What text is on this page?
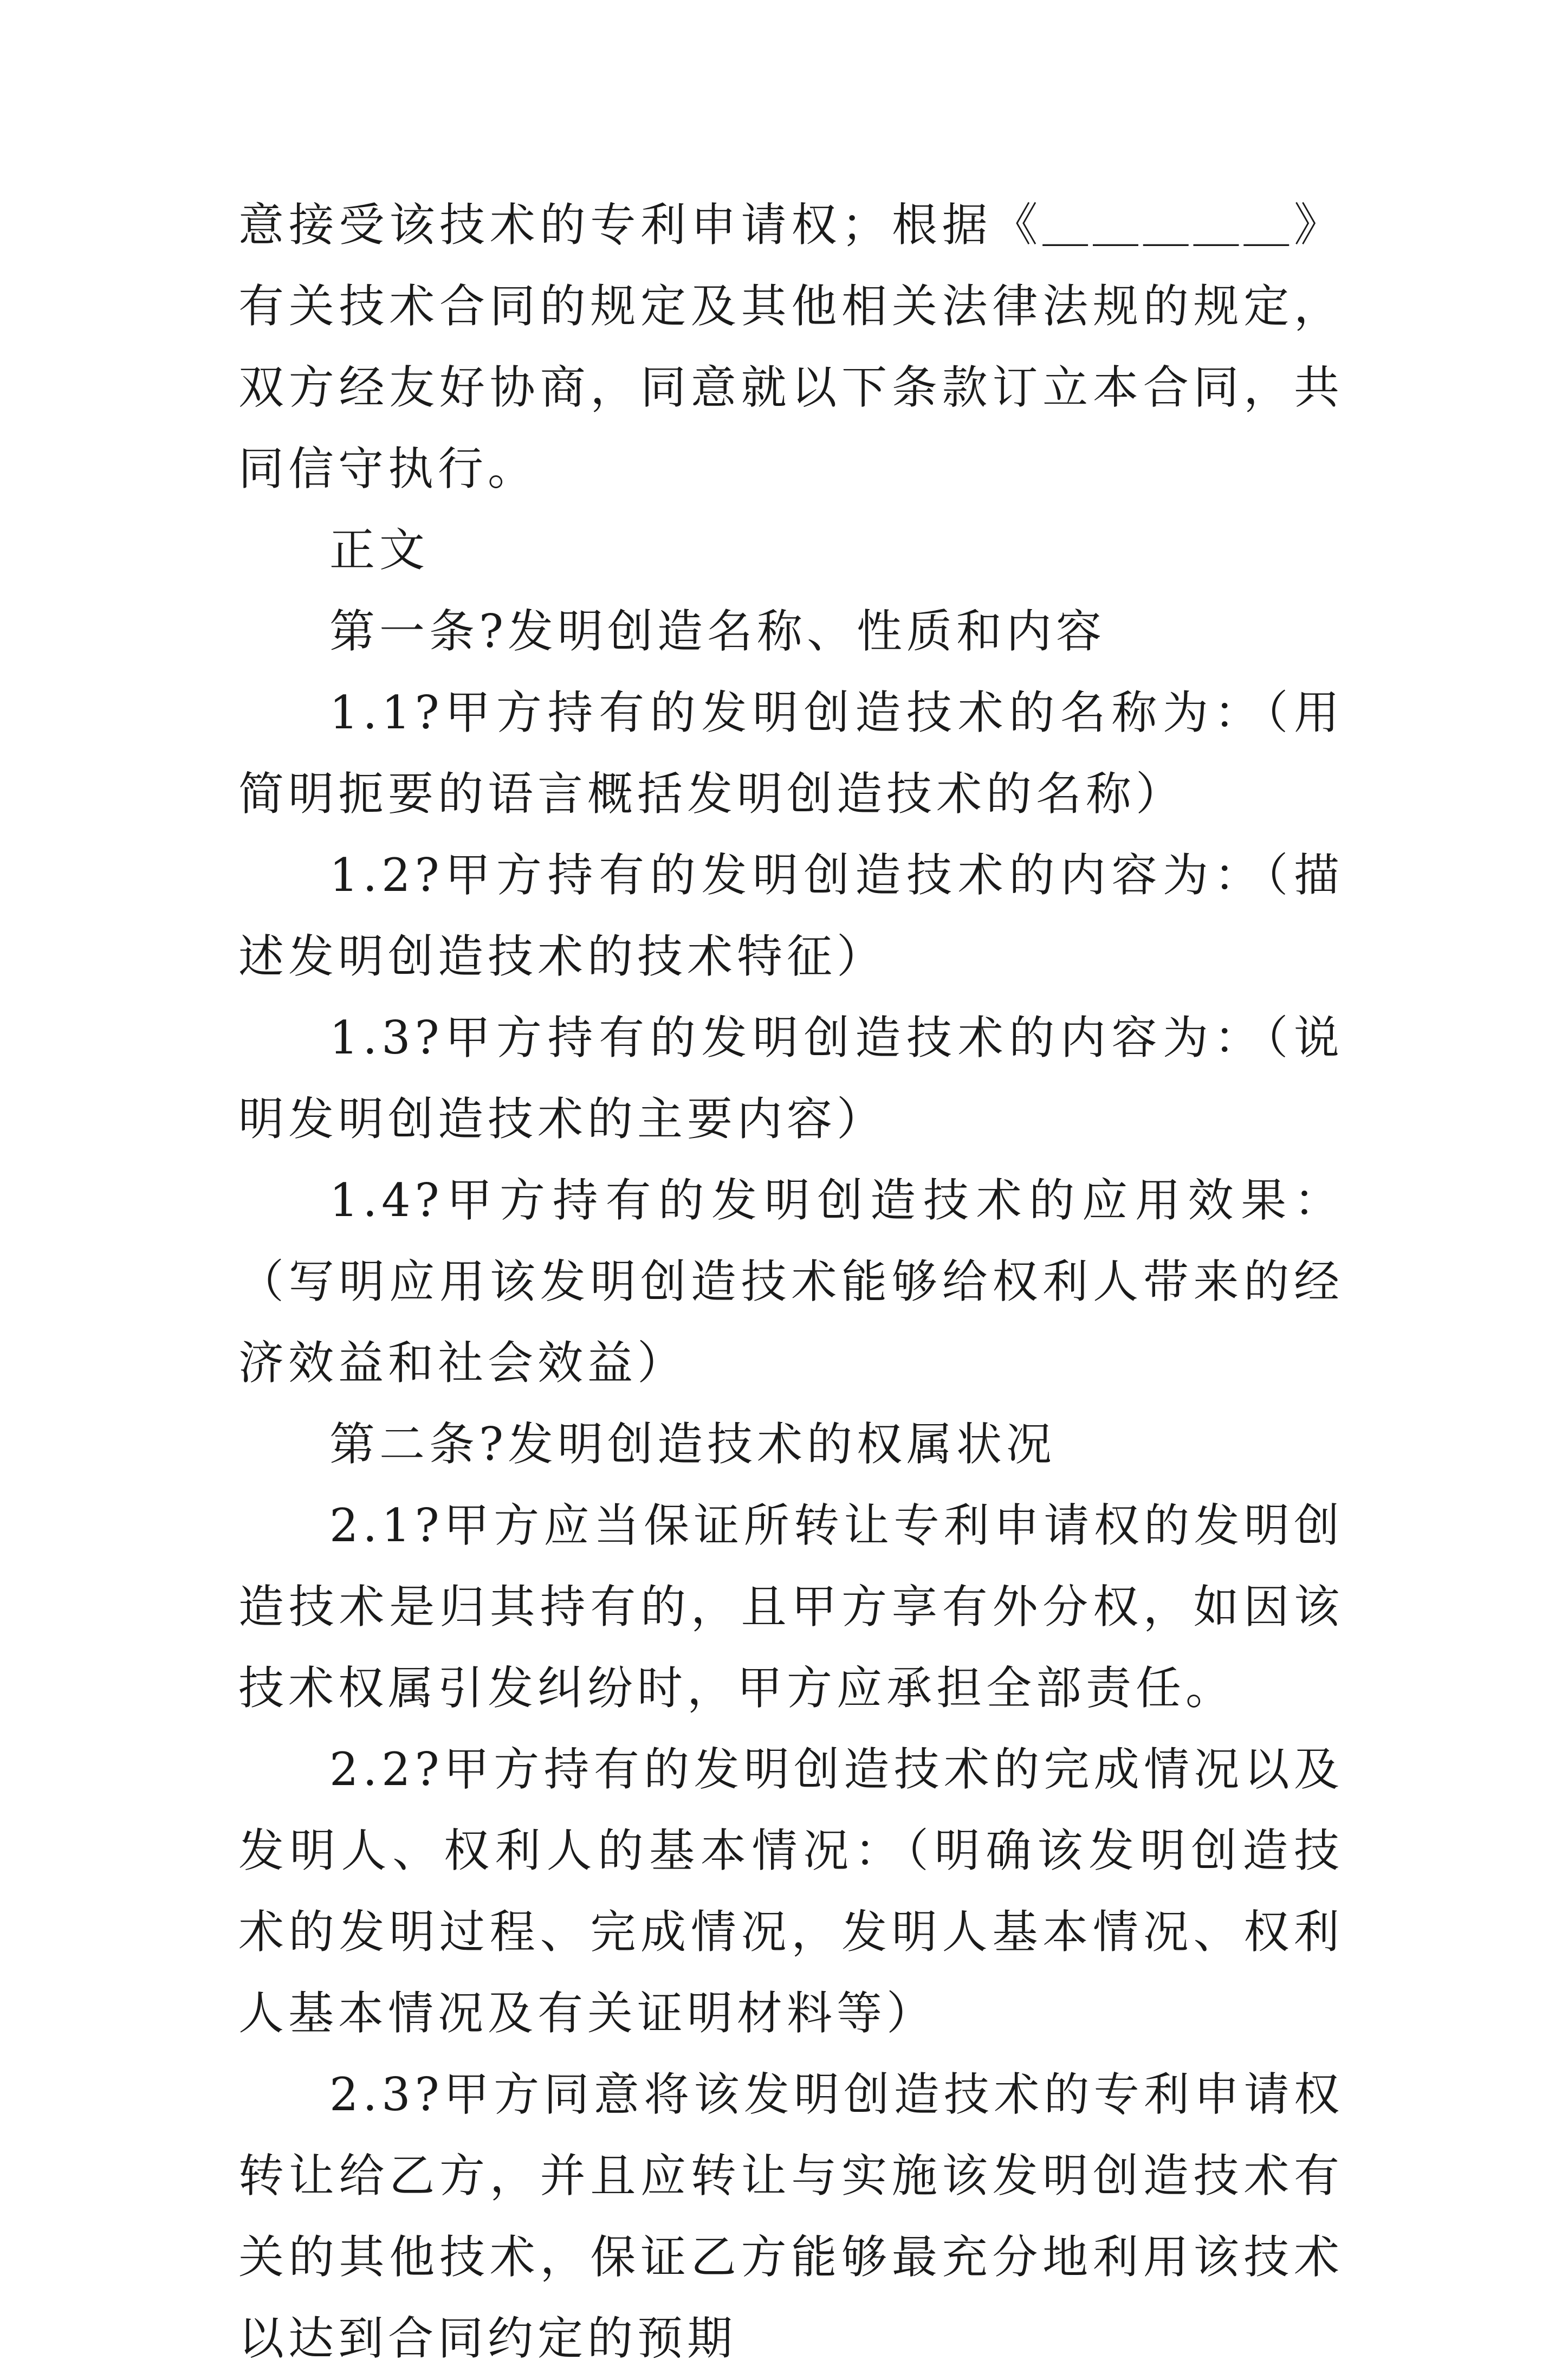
意接受该技术的专利申请权；根据《＿＿＿＿＿》有关技术合同的规定及其他相关法律法规的规定，双方经友好协商，同意就以下条款订立本合同，共同信守执行。

正文

第一条?发明创造名称、性质和内容

1.1?甲方持有的发明创造技术的名称为：（用简明扼要的语言概括发明创造技术的名称）

1.2?甲方持有的发明创造技术的内容为：（描述发明创造技术的技术特征）

1.3?甲方持有的发明创造技术的内容为：（说明发明创造技术的主要内容）

1.4?甲方持有的发明创造技术的应用效果：（写明应用该发明创造技术能够给权利人带来的经济效益和社会效益）

第二条?发明创造技术的权属状况

2.1?甲方应当保证所转让专利申请权的发明创造技术是归其持有的，且甲方享有外分权，如因该技术权属引发纠纷时，甲方应承担全部责任。

2.2?甲方持有的发明创造技术的完成情况以及发明人、权利人的基本情况：（明确该发明创造技术的发明过程、完成情况，发明人基本情况、权利人基本情况及有关证明材料等）

2.3?甲方同意将该发明创造技术的专利申请权转让给乙方，并且应转让与实施该发明创造技术有关的其他技术，保证乙方能够最充分地利用该技术以达到合同约定的预期
